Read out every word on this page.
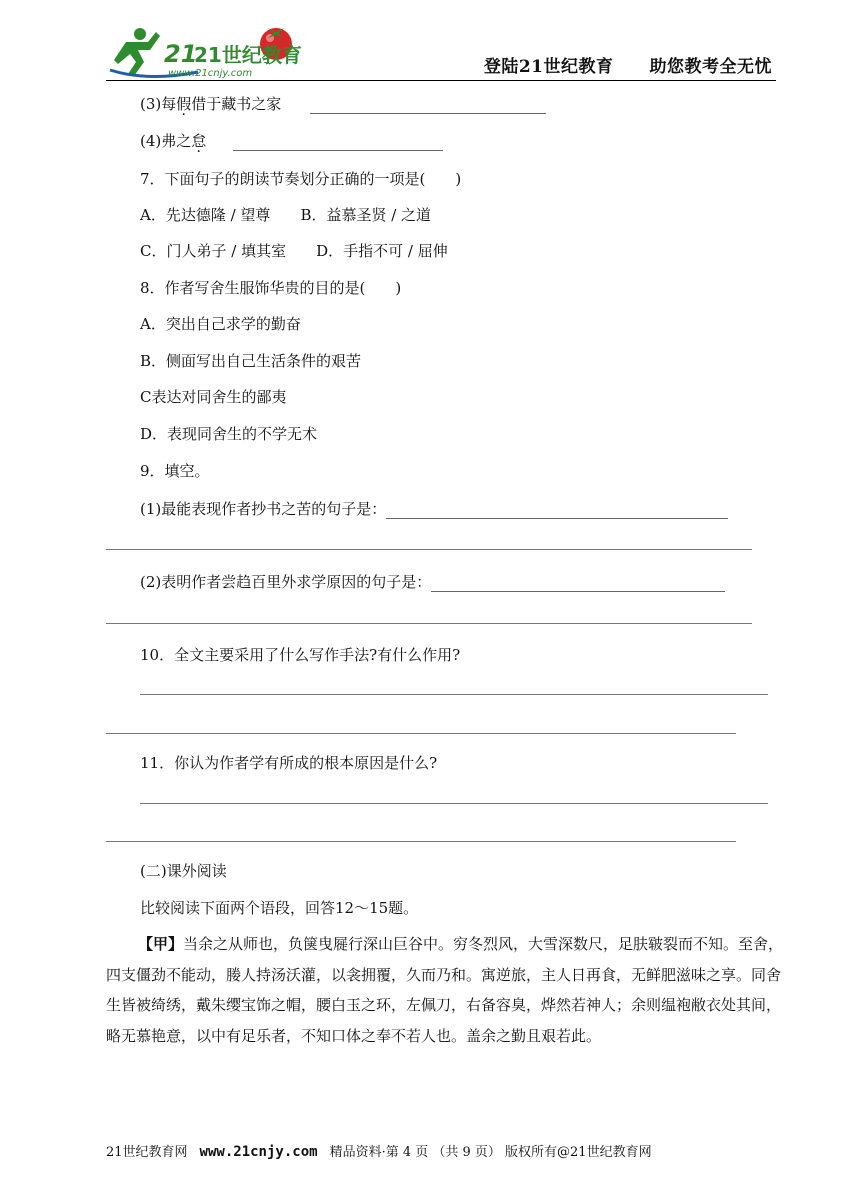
21
21世纪教育
www.21cnjy.com	登陆21世纪教育 助您教考全无忧
(3)每假借于藏书之家
(4)弗之怠
7．下面句子的朗读节奏划分正确的一项是( )
A．先达德隆 / 望尊 B．益慕圣贤 / 之道
C．门人弟子 / 填其室 D．手指不可 / 屈伸
8．作者写舍生服饰华贵的目的是( )
A．突出自己求学的勤奋
B．侧面写出自己生活条件的艰苦
C表达对同舍生的鄙夷
D．表现同舍生的不学无术
9．填空。
(1)最能表现作者抄书之苦的句子是：
(2)表明作者尝趋百里外求学原因的句子是：
10．全文主要采用了什么写作手法?有什么作用?
11．你认为作者学有所成的根本原因是什么?
(二)课外阅读
比较阅读下面两个语段，回答12～15题。
【甲】当余之从师也，负箧曳屣行深山巨谷中。穷冬烈风，大雪深数尺，足肤皲裂而不知。至舍，四支僵劲不能动，媵人持汤沃灌，以衾拥覆，久而乃和。寓逆旅，主人日再食，无鲜肥滋味之享。同舍生皆被绮绣，戴朱缨宝饰之帽，腰白玉之环，左佩刀，右备容臭，烨然若神人；余则缊袍敝衣处其间，略无慕艳意，以中有足乐者，不知口体之奉不若人也。盖余之勤且艰若此。
21世纪教育网 www.21cnjy.com 精品资料·第 4 页 （共 9 页） 版权所有@21世纪教育网
